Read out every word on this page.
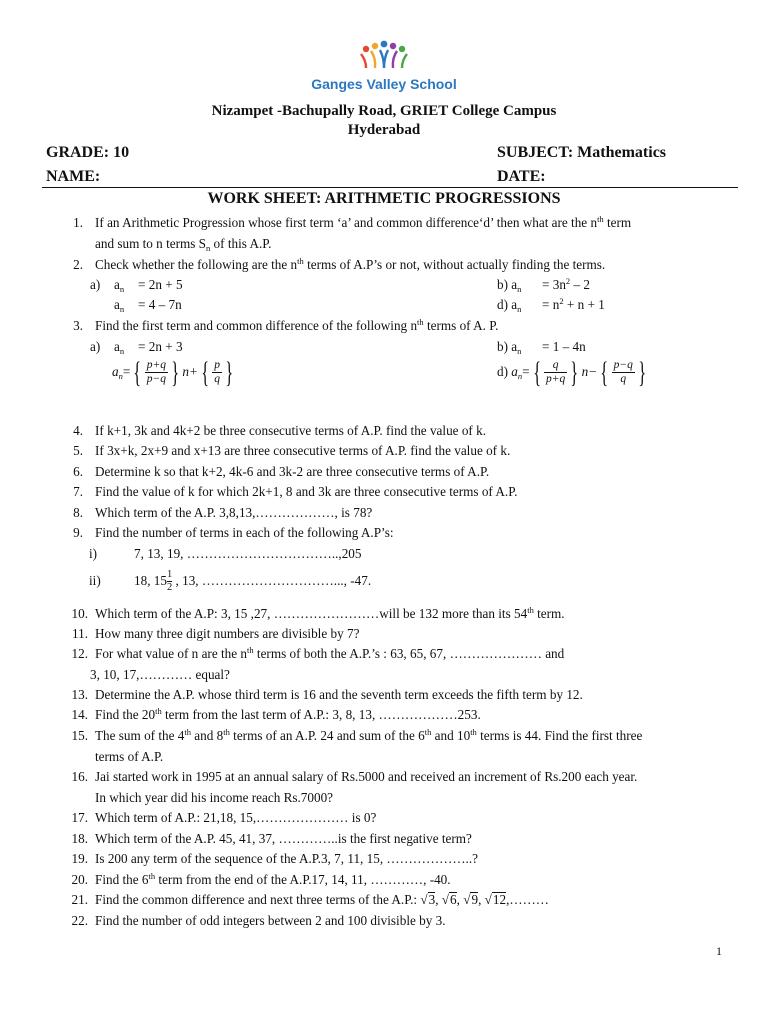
Ganges Valley School
Nizampet -Bachupally Road, GRIET College Campus
Hyderabad
GRADE: 10	SUBJECT: Mathematics
NAME:	DATE:
WORK SHEET: ARITHMETIC PROGRESSIONS
1. If an Arithmetic Progression whose first term ‘a’ and common difference‘d’ then what are the $n^{th}$ term
and sum to n terms $S_n$ of this A.P.
2. Check whether the following are the $n^{th}$ terms of A.P’s or not, without actually finding the terms.
a) $a_n = 2n + 5$	b) $a_n = 3n^2 - 2$
$a_n = 4 - 7n$	d) $a_n = n^2 + n + 1$
3. Find the first term and common difference of the following $n^{th}$ terms of A. P.
a) $a_n = 2n + 3$	b) $a_n = 1 - 4n$
$a_n=$ { $\frac{p+q}{p-q}$ } n+ { $\frac{p}{q}$ }	d) $a_n=$ { $\frac{q}{p+q}$ } n− { $\frac{p-q}{q}$ }
4. If k+1, 3k and 4k+2 be three consecutive terms of A.P. find the value of k.
5. If 3x+k, 2x+9 and x+13 are three consecutive terms of A.P. find the value of k.
6. Determine k so that k+2, 4k-6 and 3k-2 are three consecutive terms of A.P.
7. Find the value of k for which 2k+1, 8 and 3k are three consecutive terms of A.P.
8. Which term of the A.P. 3,8,13,………………, is 78?
9. Find the number of terms in each of the following A.P’s:
i)	7, 13, 19, ……………………………..,205
ii)	18, $15 \frac{1}{2}$ , 13, …………………………..., -47.
10. Which term of the A.P: 3, 15 ,27, ……………………will be 132 more than its 54th term.
11. How many three digit numbers are divisible by 7?
12. For what value of n are the $n^{th}$ terms of both the A.P.’s : 63, 65, 67, ………………… and
3, 10, 17,………… equal?
13. Determine the A.P. whose third term is 16 and the seventh term exceeds the fifth term by 12.
14. Find the 20th term from the last term of A.P.: 3, 8, 13, ………………253.
15. The sum of the 4th and 8th terms of an A.P. 24 and sum of the 6th and 10th terms is 44. Find the first three
terms of A.P.
16. Jai started work in 1995 at an annual salary of Rs.5000 and received an increment of Rs.200 each year.
In which year did his income reach Rs.7000?
17. Which term of A.P.: 21,18, 15,………………… is 0?
18. Which term of the A.P. 45, 41, 37, …………..is the first negative term?
19. Is 200 any term of the sequence of the A.P.3, 7, 11, 15, ………………..?
20. Find the 6th term from the end of the A.P.17, 14, 11, …………, -40.
21. Find the common difference and next three terms of the A.P.: √3, √6, √9, √12,………
22. Find the number of odd integers between 2 and 100 divisible by 3.
1
